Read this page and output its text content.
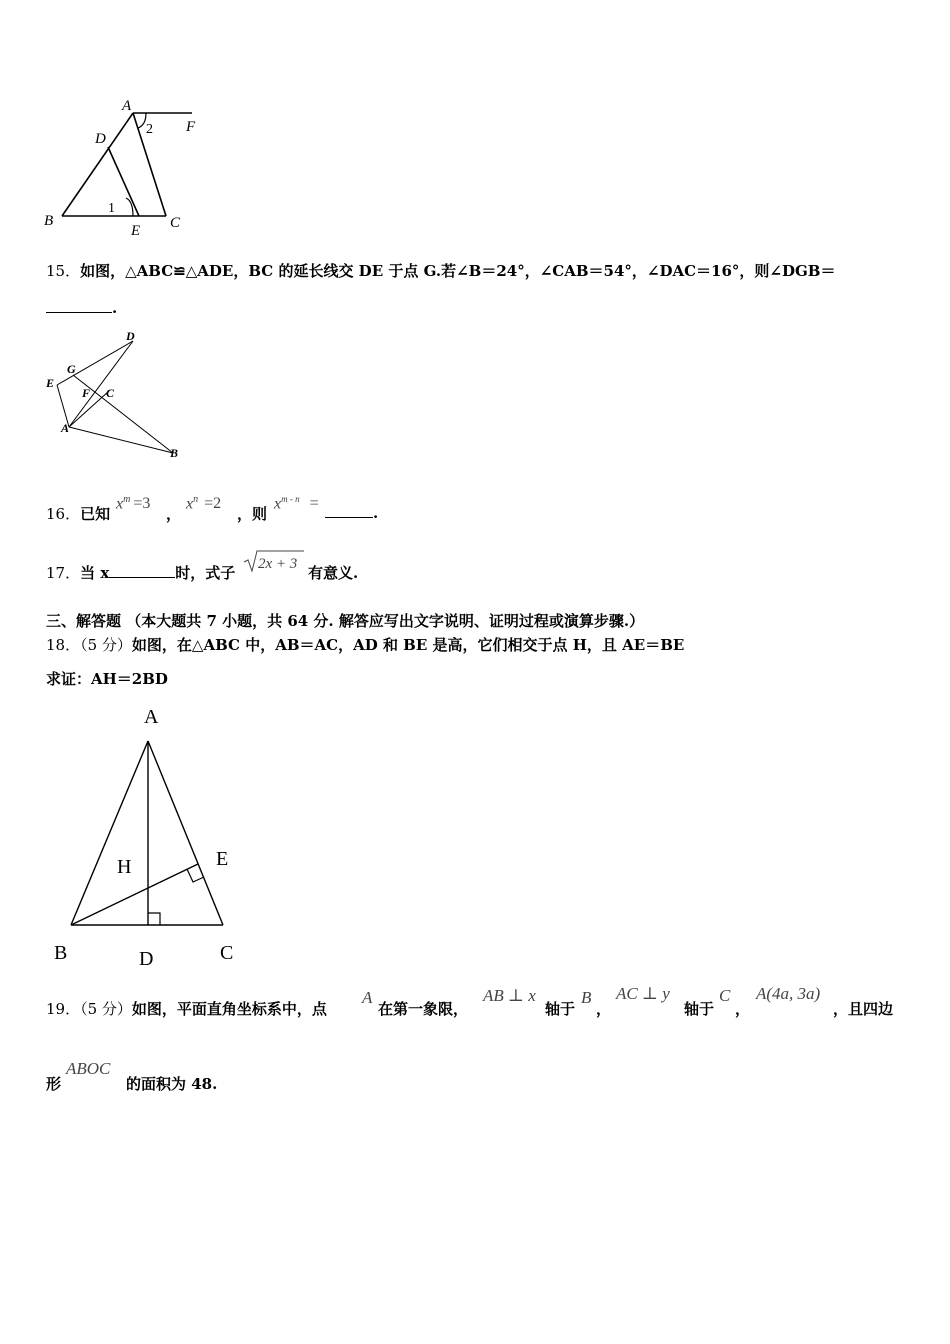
A
D
F
B	C
E
1
2
15．如图，△ABC≌△ADE，BC 的延长线交 DE 于点 G.若∠B＝24°，∠CAB＝54°，∠DAC＝16°，则∠DGB＝
.
D
G
E
F C
A
B
16．已知
$x^m =3$
，
$x^n =2$
，则
$x^{m - n}$ =
.
17．当 x	时，式子 2x + 3 有意义.
三、解答题 （本大题共 7 小题，共 64 分. 解答应写出文字说明、证明过程或演算步骤.）
18．（5 分）如图，在△ABC 中，AB＝AC，AD 和 BE 是高，它们相交于点 H，且 AE＝BE
求证：AH＝2BD
A
H	E
B	D	C
19．（5 分）如图，平面直角坐标系中，点
A
在第一象限，
AB ⊥ x
轴于
B
，
AC ⊥ y
轴于
C
，
A(4a, 3a)
，且四边
形
ABOC
的面积为 48.
